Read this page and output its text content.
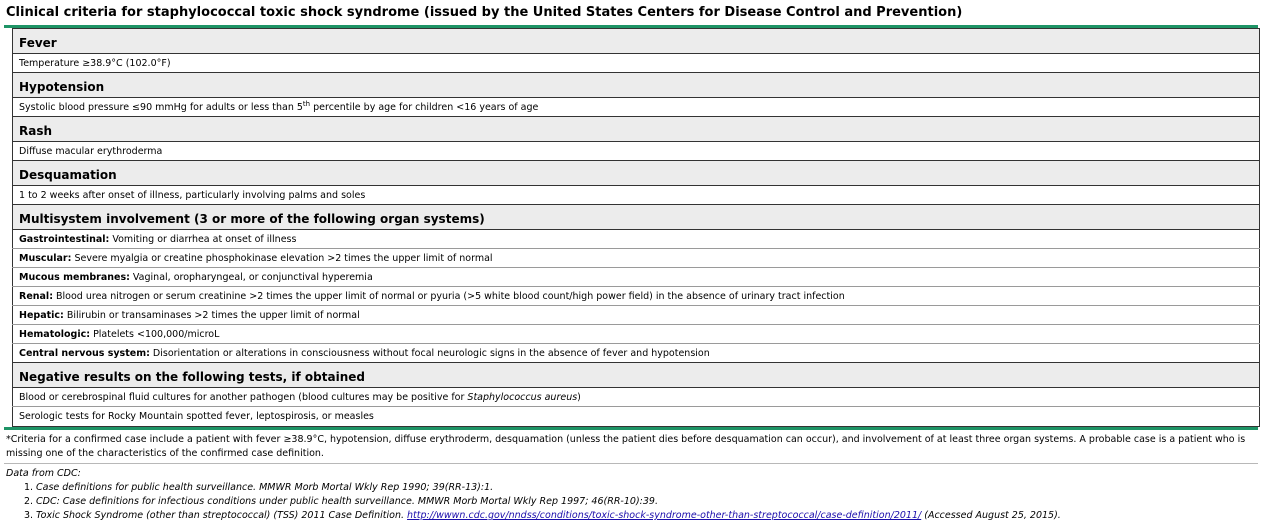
Clinical criteria for staphylococcal toxic shock syndrome (issued by the United States Centers for Disease Control and Prevention)
Fever
Temperature ≥38.9°C (102.0°F)
Hypotension
Systolic blood pressure ≤90 mmHg for adults or less than 5th percentile by age for children <16 years of age
Rash
Diffuse macular erythroderma
Desquamation
1 to 2 weeks after onset of illness, particularly involving palms and soles
Multisystem involvement (3 or more of the following organ systems)
Gastrointestinal: Vomiting or diarrhea at onset of illness
Muscular: Severe myalgia or creatine phosphokinase elevation >2 times the upper limit of normal
Mucous membranes: Vaginal, oropharyngeal, or conjunctival hyperemia
Renal: Blood urea nitrogen or serum creatinine >2 times the upper limit of normal or pyuria (>5 white blood count/high power field) in the absence of urinary tract infection
Hepatic: Bilirubin or transaminases >2 times the upper limit of normal
Hematologic: Platelets <100,000/microL
Central nervous system: Disorientation or alterations in consciousness without focal neurologic signs in the absence of fever and hypotension
Negative results on the following tests, if obtained
Blood or cerebrospinal fluid cultures for another pathogen (blood cultures may be positive for Staphylococcus aureus)
Serologic tests for Rocky Mountain spotted fever, leptospirosis, or measles
*Criteria for a confirmed case include a patient with fever ≥38.9°C, hypotension, diffuse erythroderm, desquamation (unless the patient dies before desquamation can occur), and involvement of at least three organ systems. A probable case is a patient who is missing one of the characteristics of the confirmed case definition.
Data from CDC:
1. Case definitions for public health surveillance. MMWR Morb Mortal Wkly Rep 1990; 39(RR-13):1.
2. CDC: Case definitions for infectious conditions under public health surveillance. MMWR Morb Mortal Wkly Rep 1997; 46(RR-10):39.
3. Toxic Shock Syndrome (other than streptococcal) (TSS) 2011 Case Definition. http://wwwn.cdc.gov/nndss/conditions/toxic-shock-syndrome-other-than-streptococcal/case-definition/2011/ (Accessed August 25, 2015).
